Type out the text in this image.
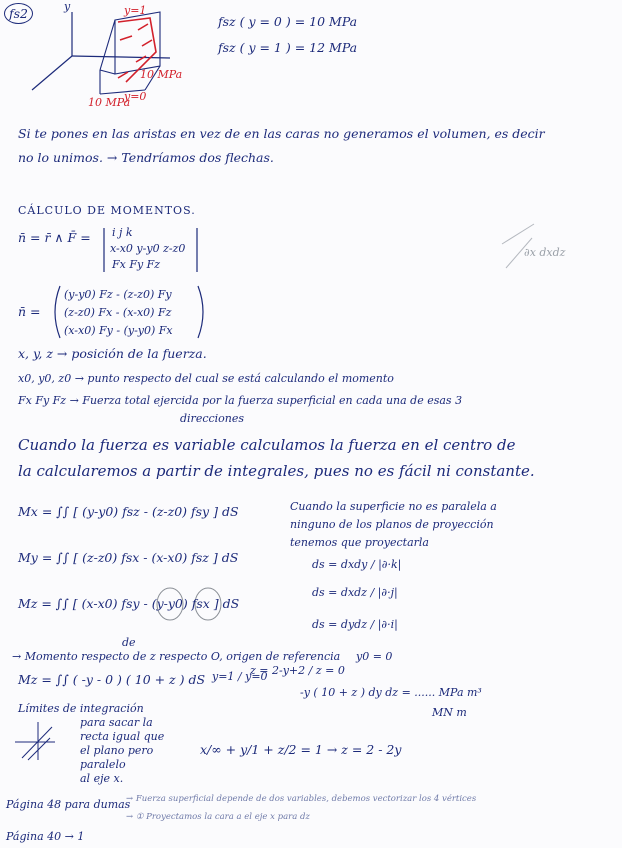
fs2	y	y=1
10 MPa
10 MPa
y=0
fsz ( y = 0 ) = 10 MPa
fsz ( y = 1 ) = 12 MPa
Si te pones en las aristas en vez de en las caras no generamos el volumen, es decir
no lo unimos. → Tendríamos dos flechas.
CÁLCULO DE MOMENTOS.
n̄ = r̄ ∧ F̄ = i j k
x-x0 y-y0 z-z0
Fx Fy Fz
∂x dxdz
n̄ =
(y-y0) Fz - (z-z0) Fy
(z-z0) Fx - (x-x0) Fz
(x-x0) Fy - (y-y0) Fx
x, y, z → posición de la fuerza.
x0, y0, z0 → punto respecto del cual se está calculando el momento
Fx Fy Fz → Fuerza total ejercida por la fuerza superficial en cada una de esas 3
direcciones
Cuando la fuerza es variable calculamos la fuerza en el centro de
la calcularemos a partir de integrales, pues no es fácil ni constante.
Mx = ∫∫ [ (y-y0) fsz - (z-z0) fsy ] dS
My = ∫∫ [ (z-z0) fsx - (x-x0) fsz ] dS
Mz = ∫∫ [ (x-x0) fsy - (y-y0) fsx ] dS
Cuando la superficie no es paralela a
ninguno de los planos de proyección
tenemos que proyectarla
ds = dxdy / |∂·k|
ds = dxdz / |∂·j|
ds = dydz / |∂·i|
de
→ Momento respecto de z respecto O, origen de referencia y0 = 0
Mz = ∫∫ ( -y - 0 ) ( 10 + z ) dS y=1 / y=0
z = 2-y+2 / z = 0
-y ( 10 + z ) dy dz = ...... MPa m³
MN m
Límites de integración
para sacar la
recta igual que
el plano pero
paralelo
al eje x.
x/∞ + y/1 + z/2 = 1 → z = 2 - 2y
Página 48 para dumas
→ Fuerza superficial depende de dos variables, debemos vectorizar los 4 vértices
→ ① Proyectamos la cara a el eje x para dz
Página 40 → 1
